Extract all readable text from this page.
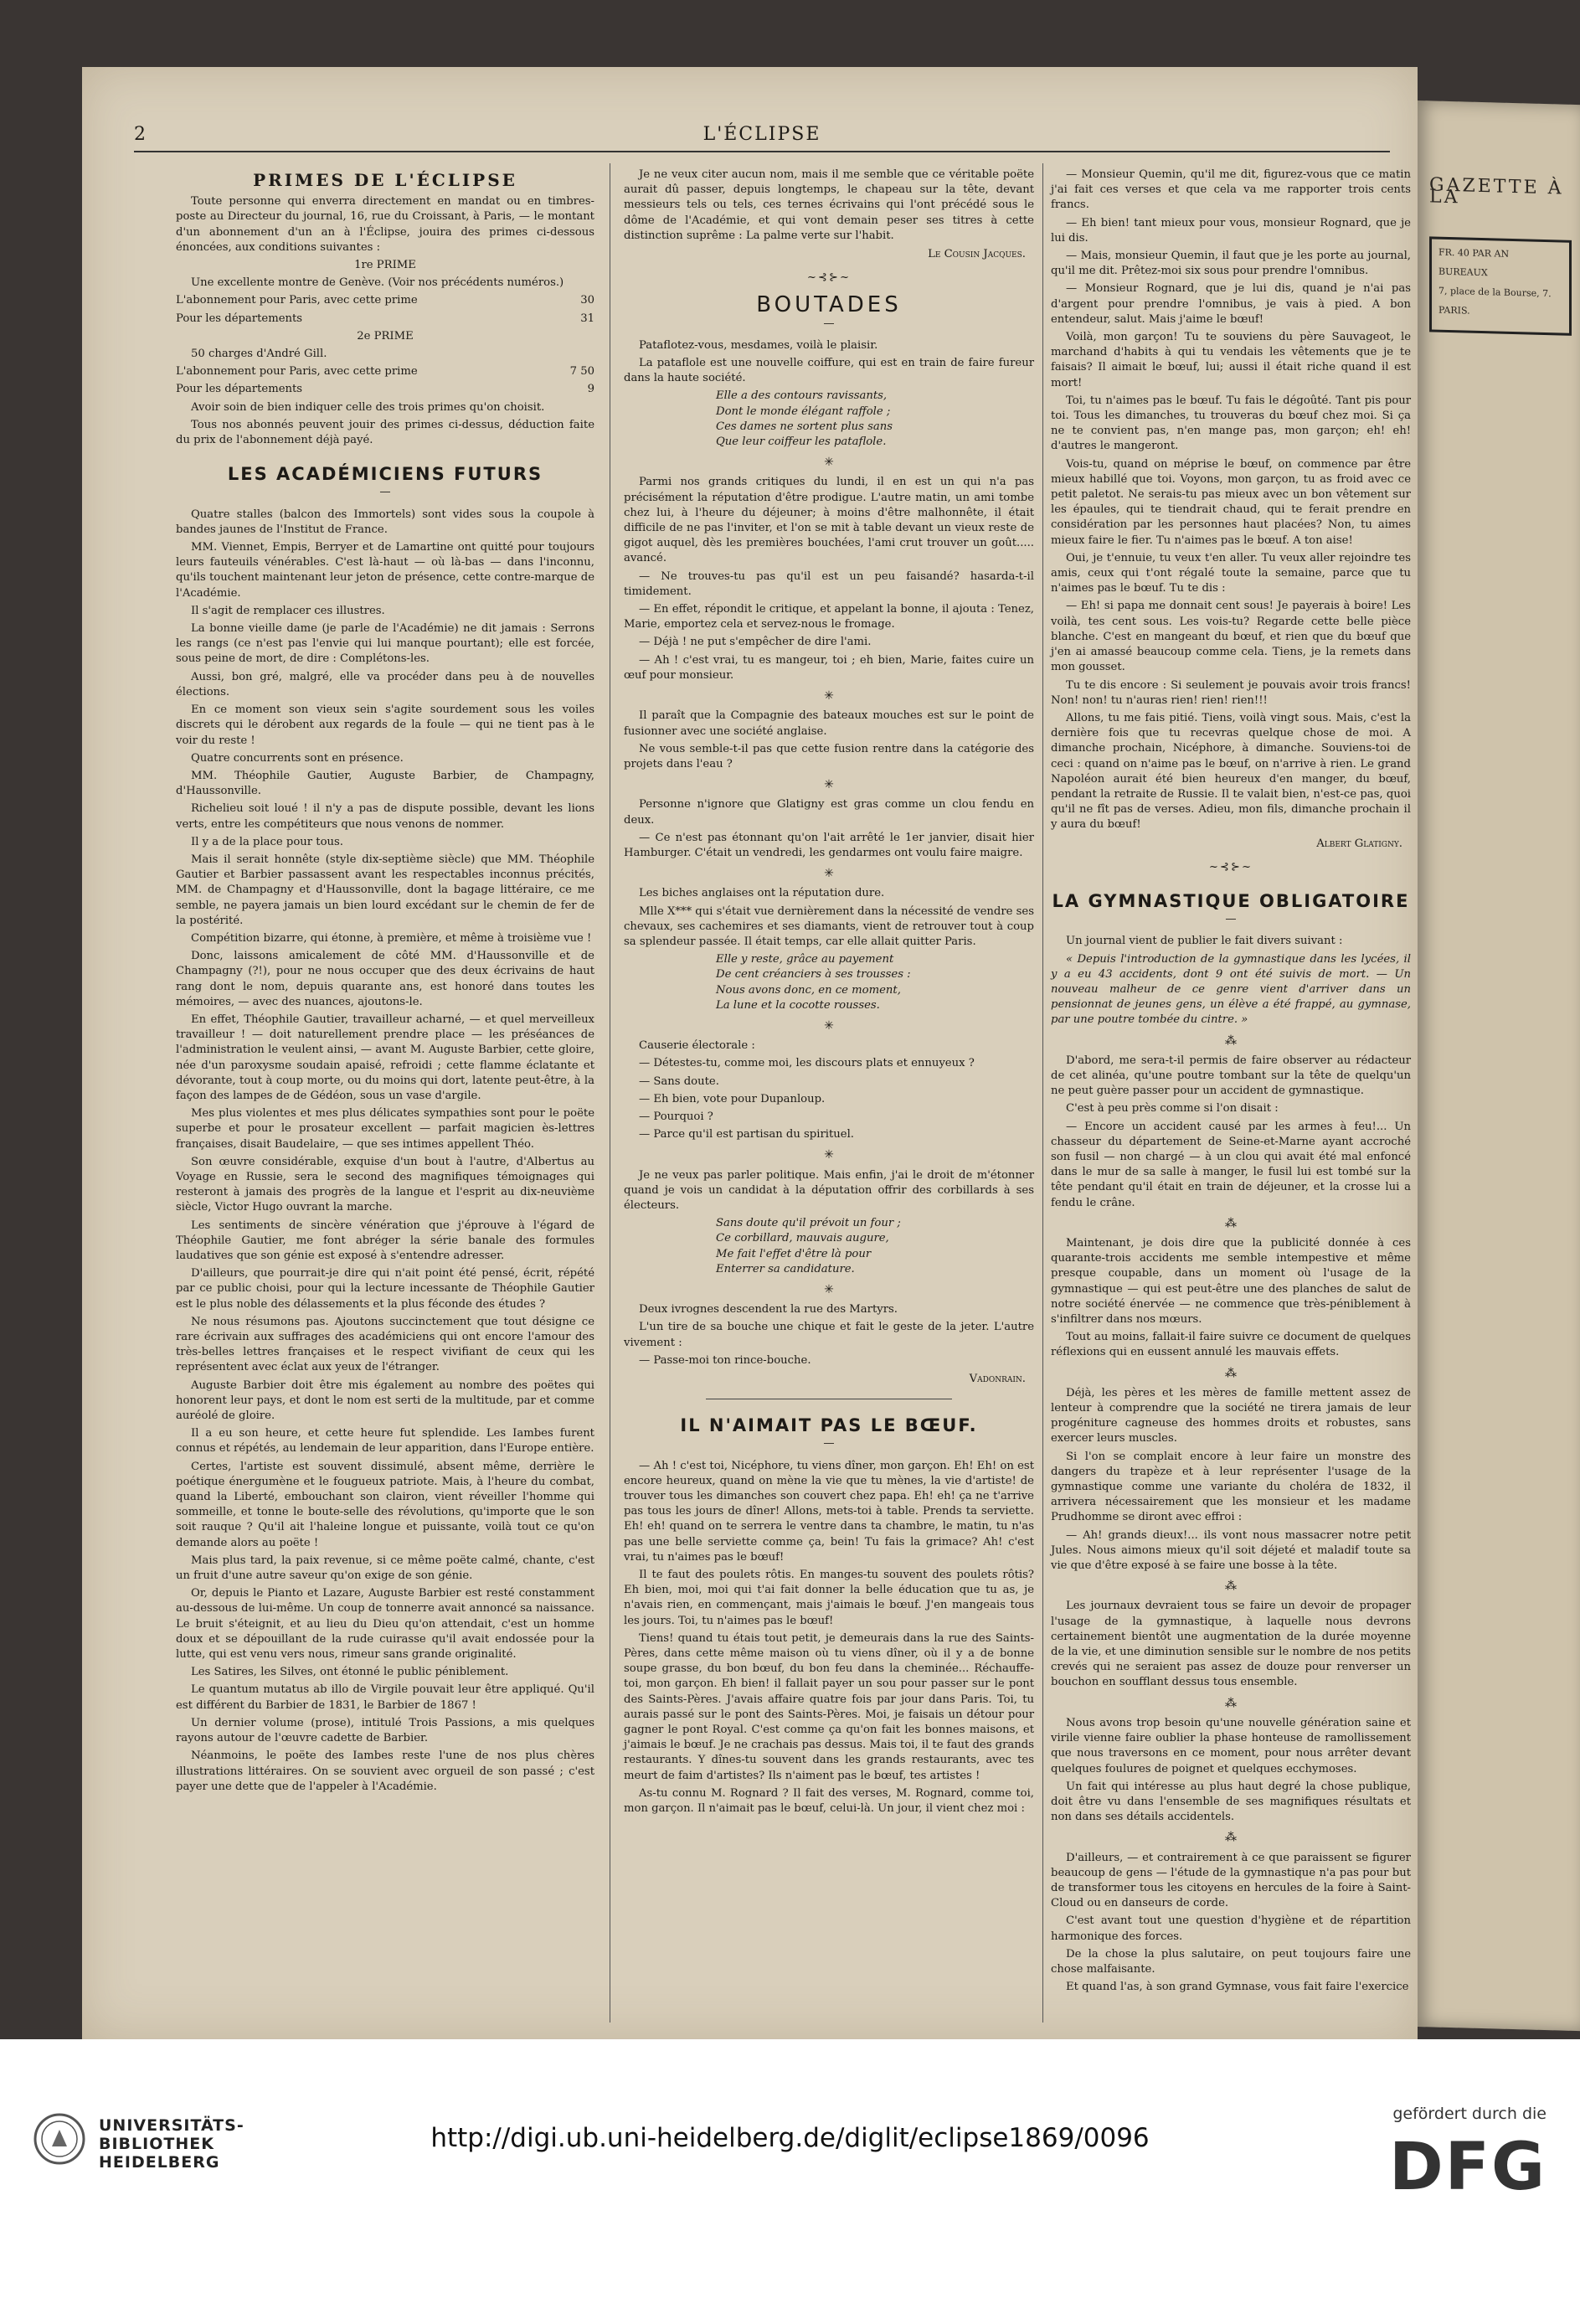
GAZETTE À LA

FR. 40 PAR AN

BUREAUX

7, place de la Bourse, 7.

PARIS.

2	L'ÉCLIPSE
PRIMES DE L'ÉCLIPSE

Toute personne qui enverra directement en mandat ou en timbres-poste au Directeur du journal, 16, rue du Croissant, à Paris, — le montant d'un abonnement d'un an à l'Éclipse, jouira des primes ci-dessous énoncées, aux conditions suivantes :

1re PRIME

Une excellente montre de Genève. (Voir nos précédents numéros.)

L'abonnement pour Paris, avec cette prime	30

Pour les départements	31

2e PRIME

50 charges d'André Gill.

L'abonnement pour Paris, avec cette prime	7 50

Pour les départements	9

Avoir soin de bien indiquer celle des trois primes qu'on choisit.

Tous nos abonnés peuvent jouir des primes ci-dessus, déduction faite du prix de l'abonnement déjà payé.

LES ACADÉMICIENS FUTURS
—

Quatre stalles (balcon des Immortels) sont vides sous la coupole à bandes jaunes de l'Institut de France.

MM. Viennet, Empis, Berryer et de Lamartine ont quitté pour toujours leurs fauteuils vénérables. C'est là-haut — où là-bas — dans l'inconnu, qu'ils touchent maintenant leur jeton de présence, cette contre-marque de l'Académie.

Il s'agit de remplacer ces illustres.

La bonne vieille dame (je parle de l'Académie) ne dit jamais : Serrons les rangs (ce n'est pas l'envie qui lui manque pourtant); elle est forcée, sous peine de mort, de dire : Complétons-les.

Aussi, bon gré, malgré, elle va procéder dans peu à de nouvelles élections.

En ce moment son vieux sein s'agite sourdement sous les voiles discrets qui le dérobent aux regards de la foule — qui ne tient pas à le voir du reste !

Quatre concurrents sont en présence.

MM. Théophile Gautier, Auguste Barbier, de Champagny, d'Haussonville.

Richelieu soit loué ! il n'y a pas de dispute possible, devant les lions verts, entre les compétiteurs que nous venons de nommer.

Il y a de la place pour tous.

Mais il serait honnête (style dix-septième siècle) que MM. Théophile Gautier et Barbier passassent avant les respectables inconnus précités, MM. de Champagny et d'Haussonville, dont la bagage littéraire, ce me semble, ne payera jamais un bien lourd excédant sur le chemin de fer de la postérité.

Compétition bizarre, qui étonne, à première, et même à troisième vue !

Donc, laissons amicalement de côté MM. d'Haussonville et de Champagny (?!), pour ne nous occuper que des deux écrivains de haut rang dont le nom, depuis quarante ans, est honoré dans toutes les mémoires, — avec des nuances, ajoutons-le.

En effet, Théophile Gautier, travailleur acharné, — et quel merveilleux travailleur ! — doit naturellement prendre place — les préséances de l'administration le veulent ainsi, — avant M. Auguste Barbier, cette gloire, née d'un paroxysme soudain apaisé, refroidi ; cette flamme éclatante et dévorante, tout à coup morte, ou du moins qui dort, latente peut-être, à la façon des lampes de de Gédéon, sous un vase d'argile.

Mes plus violentes et mes plus délicates sympathies sont pour le poëte superbe et pour le prosateur excellent — parfait magicien ès-lettres françaises, disait Baudelaire, — que ses intimes appellent Théo.

Son œuvre considérable, exquise d'un bout à l'autre, d'Albertus au Voyage en Russie, sera le second des magnifiques témoignages qui resteront à jamais des progrès de la langue et l'esprit au dix-neuvième siècle, Victor Hugo ouvrant la marche.

Les sentiments de sincère vénération que j'éprouve à l'égard de Théophile Gautier, me font abréger la série banale des formules laudatives que son génie est exposé à s'entendre adresser.

D'ailleurs, que pourrait-je dire qui n'ait point été pensé, écrit, répété par ce public choisi, pour qui la lecture incessante de Théophile Gautier est le plus noble des délassements et la plus féconde des études ?

Ne nous résumons pas. Ajoutons succinctement que tout désigne ce rare écrivain aux suffrages des académiciens qui ont encore l'amour des très-belles lettres françaises et le respect vivifiant de ceux qui les représentent avec éclat aux yeux de l'étranger.

Auguste Barbier doit être mis également au nombre des poëtes qui honorent leur pays, et dont le nom est serti de la multitude, par et comme auréolé de gloire.

Il a eu son heure, et cette heure fut splendide. Les Iambes furent connus et répétés, au lendemain de leur apparition, dans l'Europe entière.

Certes, l'artiste est souvent dissimulé, absent même, derrière le poétique énergumène et le fougueux patriote. Mais, à l'heure du combat, quand la Liberté, embouchant son clairon, vient réveiller l'homme qui sommeille, et tonne le boute-selle des révolutions, qu'importe que le son soit rauque ? Qu'il ait l'haleine longue et puissante, voilà tout ce qu'on demande alors au poëte !

Mais plus tard, la paix revenue, si ce même poëte calmé, chante, c'est un fruit d'une autre saveur qu'on exige de son génie.

Or, depuis le Pianto et Lazare, Auguste Barbier est resté constamment au-dessous de lui-même. Un coup de tonnerre avait annoncé sa naissance. Le bruit s'éteignit, et au lieu du Dieu qu'on attendait, c'est un homme doux et se dépouillant de la rude cuirasse qu'il avait endossée pour la lutte, qui est venu vers nous, rimeur sans grande originalité.

Les Satires, les Silves, ont étonné le public péniblement.

Le quantum mutatus ab illo de Virgile pouvait leur être appliqué. Qu'il est différent du Barbier de 1831, le Barbier de 1867 !

Un dernier volume (prose), intitulé Trois Passions, a mis quelques rayons autour de l'œuvre cadette de Barbier.

Néanmoins, le poëte des Iambes reste l'une de nos plus chères illustrations littéraires. On se souvient avec orgueil de son passé ; c'est payer une dette que de l'appeler à l'Académie.

Je ne veux citer aucun nom, mais il me semble que ce véritable poëte aurait dû passer, depuis longtemps, le chapeau sur la tête, devant messieurs tels ou tels, ces ternes écrivains qui l'ont précédé sous le dôme de l'Académie, et qui vont demain peser ses titres à cette distinction suprême : La palme verte sur l'habit.

Le Cousin Jacques.

~⊰⊱~
BOUTADES
—

Pataflotez-vous, mesdames, voilà le plaisir.

La pataflole est une nouvelle coiffure, qui est en train de faire fureur dans la haute société.

Elle a des contours ravissants,

Dont le monde élégant raffole ;

Ces dames ne sortent plus sans

Que leur coiffeur les pataflole.

✳

Parmi nos grands critiques du lundi, il en est un qui n'a pas précisément la réputation d'être prodigue. L'autre matin, un ami tombe chez lui, à l'heure du déjeuner; à moins d'être malhonnête, il était difficile de ne pas l'inviter, et l'on se mit à table devant un vieux reste de gigot auquel, dès les premières bouchées, l'ami crut trouver un goût..... avancé.

— Ne trouves-tu pas qu'il est un peu faisandé? hasarda-t-il timidement.

— En effet, répondit le critique, et appelant la bonne, il ajouta : Tenez, Marie, emportez cela et servez-nous le fromage.

— Déjà ! ne put s'empêcher de dire l'ami.

— Ah ! c'est vrai, tu es mangeur, toi ; eh bien, Marie, faites cuire un œuf pour monsieur.

✳

Il paraît que la Compagnie des bateaux mouches est sur le point de fusionner avec une société anglaise.

Ne vous semble-t-il pas que cette fusion rentre dans la catégorie des projets dans l'eau ?

✳

Personne n'ignore que Glatigny est gras comme un clou fendu en deux.

— Ce n'est pas étonnant qu'on l'ait arrêté le 1er janvier, disait hier Hamburger. C'était un vendredi, les gendarmes ont voulu faire maigre.

✳

Les biches anglaises ont la réputation dure.

Mlle X*** qui s'était vue dernièrement dans la nécessité de vendre ses chevaux, ses cachemires et ses diamants, vient de retrouver tout à coup sa splendeur passée. Il était temps, car elle allait quitter Paris.

Elle y reste, grâce au payement

De cent créanciers à ses trousses :

Nous avons donc, en ce moment,

La lune et la cocotte rousses.

✳

Causerie électorale :

— Détestes-tu, comme moi, les discours plats et ennuyeux ?

— Sans doute.

— Eh bien, vote pour Dupanloup.

— Pourquoi ?

— Parce qu'il est partisan du spirituel.

✳

Je ne veux pas parler politique. Mais enfin, j'ai le droit de m'étonner quand je vois un candidat à la députation offrir des corbillards à ses électeurs.

Sans doute qu'il prévoit un four ;

Ce corbillard, mauvais augure,

Me fait l'effet d'être là pour

Enterrer sa candidature.

✳

Deux ivrognes descendent la rue des Martyrs.

L'un tire de sa bouche une chique et fait le geste de la jeter. L'autre vivement :

— Passe-moi ton rince-bouche.

Vadonrain.

IL N'AIMAIT PAS LE BŒUF.
—

— Ah ! c'est toi, Nicéphore, tu viens dîner, mon garçon. Eh! Eh! on est encore heureux, quand on mène la vie que tu mènes, la vie d'artiste! de trouver tous les dimanches son couvert chez papa. Eh! eh! ça ne t'arrive pas tous les jours de dîner! Allons, mets-toi à table. Prends ta serviette. Eh! eh! quand on te serrera le ventre dans ta chambre, le matin, tu n'as pas une belle serviette comme ça, bein! Tu fais la grimace? Ah! c'est vrai, tu n'aimes pas le bœuf!

Il te faut des poulets rôtis. En manges-tu souvent des poulets rôtis? Eh bien, moi, moi qui t'ai fait donner la belle éducation que tu as, je n'avais rien, en commençant, mais j'aimais le bœuf. J'en mangeais tous les jours. Toi, tu n'aimes pas le bœuf!

Tiens! quand tu étais tout petit, je demeurais dans la rue des Saints-Pères, dans cette même maison où tu viens dîner, où il y a de bonne soupe grasse, du bon bœuf, du bon feu dans la cheminée... Réchauffe-toi, mon garçon. Eh bien! il fallait payer un sou pour passer sur le pont des Saints-Pères. J'avais affaire quatre fois par jour dans Paris. Toi, tu aurais passé sur le pont des Saints-Pères. Moi, je faisais un détour pour gagner le pont Royal. C'est comme ça qu'on fait les bonnes maisons, et j'aimais le bœuf. Je ne crachais pas dessus. Mais toi, il te faut des grands restaurants. Y dînes-tu souvent dans les grands restaurants, avec tes meurt de faim d'artistes? Ils n'aiment pas le bœuf, tes artistes !

As-tu connu M. Rognard ? Il fait des verses, M. Rognard, comme toi, mon garçon. Il n'aimait pas le bœuf, celui-là. Un jour, il vient chez moi :

— Monsieur Quemin, qu'il me dit, figurez-vous que ce matin j'ai fait ces verses et que cela va me rapporter trois cents francs.

— Eh bien! tant mieux pour vous, monsieur Rognard, que je lui dis.

— Mais, monsieur Quemin, il faut que je les porte au journal, qu'il me dit. Prêtez-moi six sous pour prendre l'omnibus.

— Monsieur Rognard, que je lui dis, quand je n'ai pas d'argent pour prendre l'omnibus, je vais à pied. A bon entendeur, salut. Mais j'aime le bœuf!

Voilà, mon garçon! Tu te souviens du père Sauvageot, le marchand d'habits à qui tu vendais les vêtements que je te faisais? Il aimait le bœuf, lui; aussi il était riche quand il est mort!

Toi, tu n'aimes pas le bœuf. Tu fais le dégoûté. Tant pis pour toi. Tous les dimanches, tu trouveras du bœuf chez moi. Si ça ne te convient pas, n'en mange pas, mon garçon; eh! eh! d'autres le mangeront.

Vois-tu, quand on méprise le bœuf, on commence par être mieux habillé que toi. Voyons, mon garçon, tu as froid avec ce petit paletot. Ne serais-tu pas mieux avec un bon vêtement sur les épaules, qui te tiendrait chaud, qui te ferait prendre en considération par les personnes haut placées? Non, tu aimes mieux faire le fier. Tu n'aimes pas le bœuf. A ton aise!

Oui, je t'ennuie, tu veux t'en aller. Tu veux aller rejoindre tes amis, ceux qui t'ont régalé toute la semaine, parce que tu n'aimes pas le bœuf. Tu te dis :

— Eh! si papa me donnait cent sous! Je payerais à boire! Les voilà, tes cent sous. Les vois-tu? Regarde cette belle pièce blanche. C'est en mangeant du bœuf, et rien que du bœuf que j'en ai amassé beaucoup comme cela. Tiens, je la remets dans mon gousset.

Tu te dis encore : Si seulement je pouvais avoir trois francs! Non! non! tu n'auras rien! rien! rien!!!

Allons, tu me fais pitié. Tiens, voilà vingt sous. Mais, c'est la dernière fois que tu recevras quelque chose de moi. A dimanche prochain, Nicéphore, à dimanche. Souviens-toi de ceci : quand on n'aime pas le bœuf, on n'arrive à rien. Le grand Napoléon aurait été bien heureux d'en manger, du bœuf, pendant la retraite de Russie. Il te valait bien, n'est-ce pas, quoi qu'il ne fît pas de verses. Adieu, mon fils, dimanche prochain il y aura du bœuf!

Albert Glatigny.

~⊰⊱~
LA GYMNASTIQUE OBLIGATOIRE
—

Un journal vient de publier le fait divers suivant :

« Depuis l'introduction de la gymnastique dans les lycées, il y a eu 43 accidents, dont 9 ont été suivis de mort. — Un nouveau malheur de ce genre vient d'arriver dans un pensionnat de jeunes gens, un élève a été frappé, au gymnase, par une poutre tombée du cintre. »

⁂

D'abord, me sera-t-il permis de faire observer au rédacteur de cet alinéa, qu'une poutre tombant sur la tête de quelqu'un ne peut guère passer pour un accident de gymnastique.

C'est à peu près comme si l'on disait :

— Encore un accident causé par les armes à feu!... Un chasseur du département de Seine-et-Marne ayant accroché son fusil — non chargé — à un clou qui avait été mal enfoncé dans le mur de sa salle à manger, le fusil lui est tombé sur la tête pendant qu'il était en train de déjeuner, et la crosse lui a fendu le crâne.

⁂

Maintenant, je dois dire que la publicité donnée à ces quarante-trois accidents me semble intempestive et même presque coupable, dans un moment où l'usage de la gymnastique — qui est peut-être une des planches de salut de notre société énervée — ne commence que très-péniblement à s'infiltrer dans nos mœurs.

Tout au moins, fallait-il faire suivre ce document de quelques réflexions qui en eussent annulé les mauvais effets.

⁂

Déjà, les pères et les mères de famille mettent assez de lenteur à comprendre que la société ne tirera jamais de leur progéniture cagneuse des hommes droits et robustes, sans exercer leurs muscles.

Si l'on se complait encore à leur faire un monstre des dangers du trapèze et à leur représenter l'usage de la gymnastique comme une variante du choléra de 1832, il arrivera nécessairement que les monsieur et les madame Prudhomme se diront avec effroi :

— Ah! grands dieux!... ils vont nous massacrer notre petit Jules. Nous aimons mieux qu'il soit déjeté et maladif toute sa vie que d'être exposé à se faire une bosse à la tête.

⁂

Les journaux devraient tous se faire un devoir de propager l'usage de la gymnastique, à laquelle nous devrons certainement bientôt une augmentation de la durée moyenne de la vie, et une diminution sensible sur le nombre de nos petits crevés qui ne seraient pas assez de douze pour renverser un bouchon en soufflant dessus tous ensemble.

⁂

Nous avons trop besoin qu'une nouvelle génération saine et virile vienne faire oublier la phase honteuse de ramollissement que nous traversons en ce moment, pour nous arrêter devant quelques foulures de poignet et quelques ecchymoses.

Un fait qui intéresse au plus haut degré la chose publique, doit être vu dans l'ensemble de ses magnifiques résultats et non dans ses détails accidentels.

⁂

D'ailleurs, — et contrairement à ce que paraissent se figurer beaucoup de gens — l'étude de la gymnastique n'a pas pour but de transformer tous les citoyens en hercules de la foire à Saint-Cloud ou en danseurs de corde.

C'est avant tout une question d'hygiène et de répartition harmonique des forces.

De la chose la plus salutaire, on peut toujours faire une chose malfaisante.

Et quand l'as, à son grand Gymnase, vous fait faire l'exercice

UNIVERSITÄTS-
BIBLIOTHEK
HEIDELBERG
http://digi.ub.uni-heidelberg.de/diglit/eclipse1869/0096
gefördert durch die
DFG
